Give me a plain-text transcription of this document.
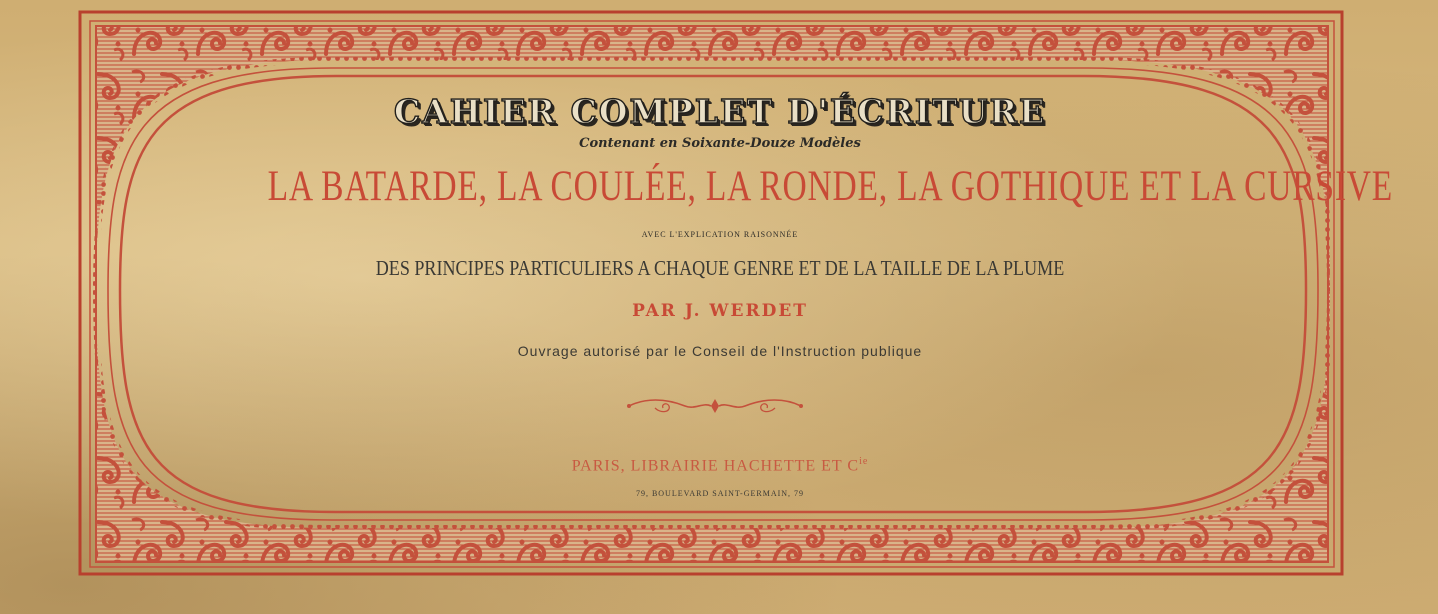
CAHIER COMPLET D'ÉCRITURE
Contenant en Soixante-Douze Modèles
LA BATARDE, LA COULÉE, LA RONDE, LA GOTHIQUE ET LA CURSIVE
AVEC L'EXPLICATION RAISONNÉE
DES PRINCIPES PARTICULIERS A CHAQUE GENRE ET DE LA TAILLE DE LA PLUME
PAR J. WERDET
Ouvrage autorisé par le Conseil de l'Instruction publique
PARIS, LIBRAIRIE HACHETTE ET $C^{ie}$
79, BOULEVARD SAINT-GERMAIN, 79
